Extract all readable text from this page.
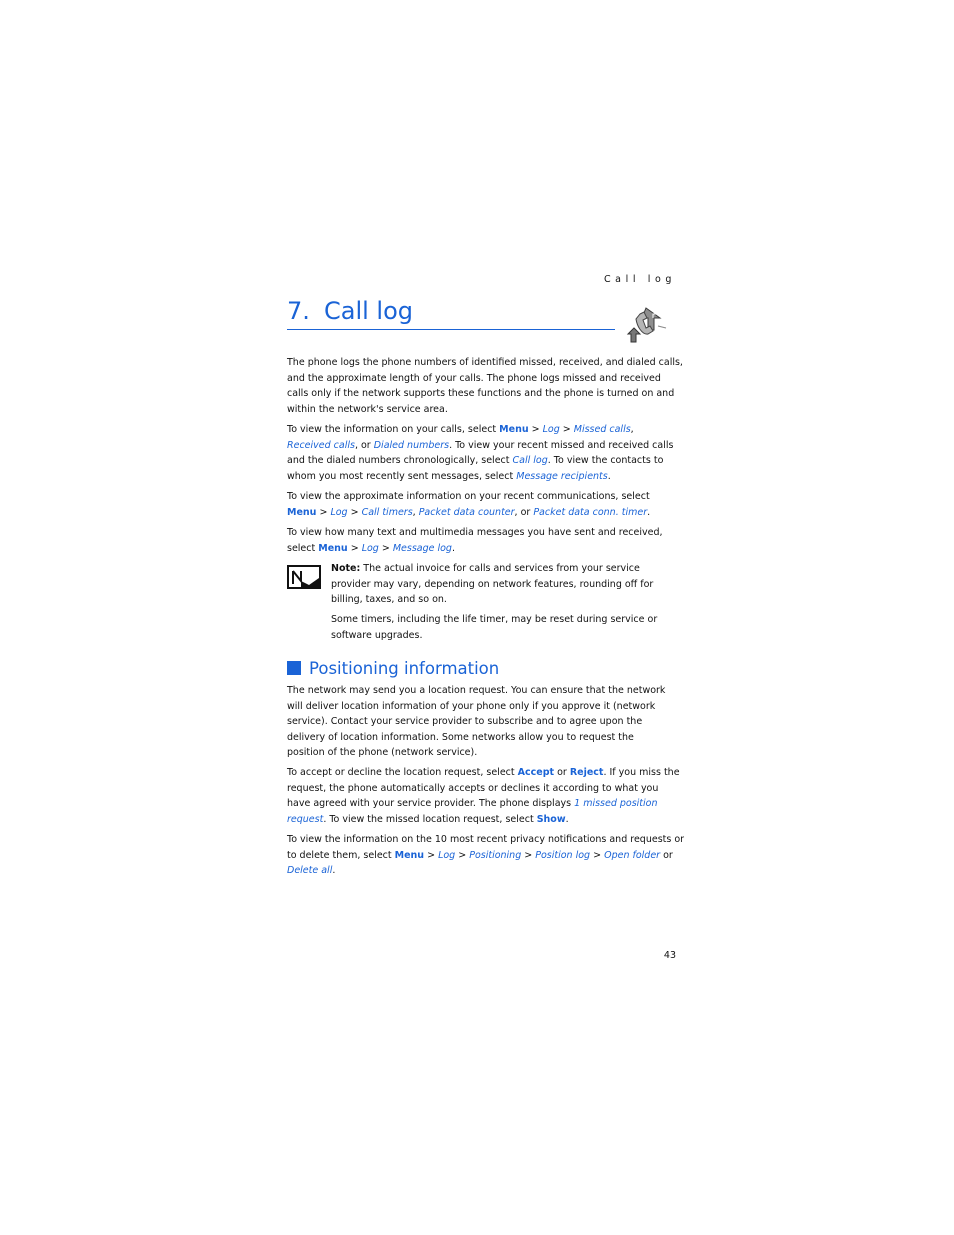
Call log
7. Call log

The phone logs the phone numbers of identified missed, received, and dialed calls,
and the approximate length of your calls. The phone logs missed and received
calls only if the network supports these functions and the phone is turned on and
within the network's service area.

To view the information on your calls, select Menu > Log > Missed calls,
Received calls, or Dialed numbers. To view your recent missed and received calls
and the dialed numbers chronologically, select Call log. To view the contacts to
whom you most recently sent messages, select Message recipients.

To view the approximate information on your recent communications, select
Menu > Log > Call timers, Packet data counter, or Packet data conn. timer.

To view how many text and multimedia messages you have sent and received,
select Menu > Log > Message log.

Note: The actual invoice for calls and services from your service
provider may vary, depending on network features, rounding off for
billing, taxes, and so on.

Some timers, including the life timer, may be reset during service or
software upgrades.

Positioning information

The network may send you a location request. You can ensure that the network
will deliver location information of your phone only if you approve it (network
service). Contact your service provider to subscribe and to agree upon the
delivery of location information. Some networks allow you to request the
position of the phone (network service).

To accept or decline the location request, select Accept or Reject. If you miss the
request, the phone automatically accepts or declines it according to what you
have agreed with your service provider. The phone displays 1 missed position
request. To view the missed location request, select Show.

To view the information on the 10 most recent privacy notifications and requests or
to delete them, select Menu > Log > Positioning > Position log > Open folder or
Delete all.

43
